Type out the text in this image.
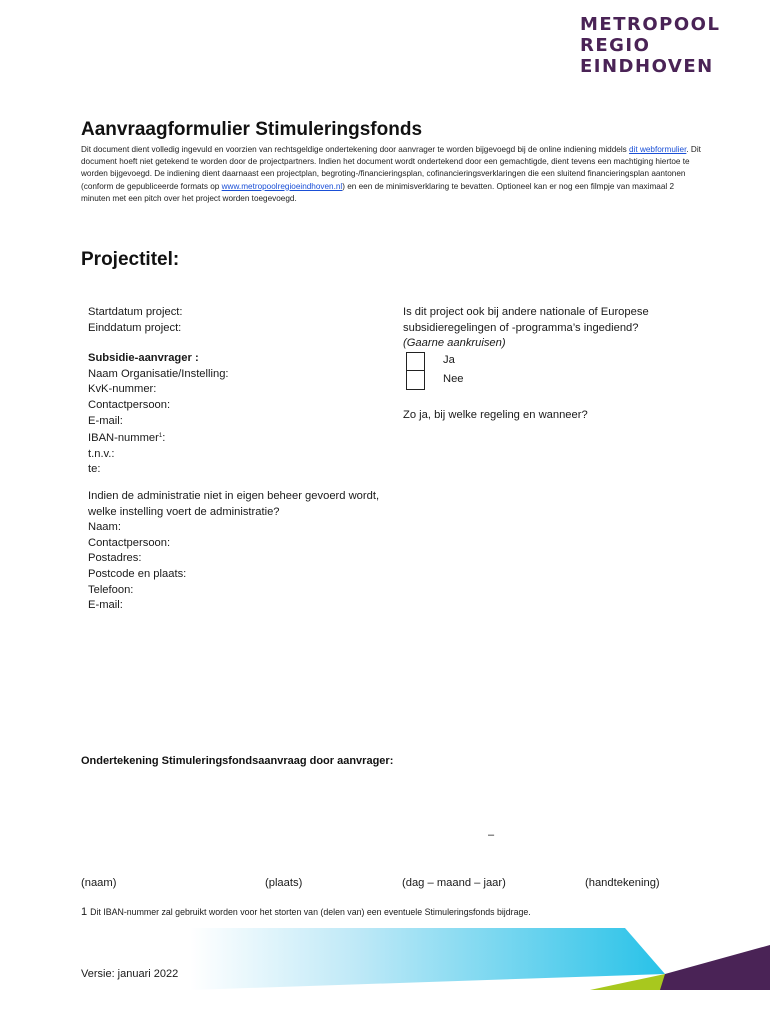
METROPOOL
REGIO
EINDHOVEN
Aanvraagformulier Stimuleringsfonds

Dit document dient volledig ingevuld en voorzien van rechtsgeldige ondertekening door aanvrager te worden bijgevoegd bij de online indiening middels dit webformulier. Dit document hoeft niet getekend te worden door de projectpartners. Indien het document wordt ondertekend door een gemachtigde, dient tevens een machtiging hiertoe te worden bijgevoegd. De indiening dient daarnaast een projectplan, begroting-/financieringsplan, cofinancieringsverklaringen die een sluitend financieringsplan aantonen (conform de gepubliceerde formats op www.metropoolregioeindhoven.nl) en een de minimisverklaring te bevatten. Optioneel kan er nog een filmpje van maximaal 2 minuten met een pitch over het project worden toegevoegd.

Projectitel:
Startdatum project:
Einddatum project:
Subsidie-aanvrager :
Naam Organisatie/Instelling:
KvK-nummer:
Contactpersoon:
E-mail:
IBAN-nummer$^1$:
t.n.v.:
te:
Is dit project ook bij andere nationale of Europese subsidieregelingen of -programma’s ingediend?
(Gaarne aankruisen)
Ja
Nee
Zo ja, bij welke regeling en wanneer?
Indien de administratie niet in eigen beheer gevoerd wordt, welke instelling voert de administratie?
Naam:
Contactpersoon:
Postadres:
Postcode en plaats:
Telefoon:
E-mail:
Ondertekening Stimuleringsfondsaanvraag door aanvrager:
–
(naam)	(plaats)	(dag – maand – jaar)	(handtekening)
1 Dit IBAN-nummer zal gebruikt worden voor het storten van (delen van) een eventuele Stimuleringsfonds bijdrage.
Versie: januari 2022
